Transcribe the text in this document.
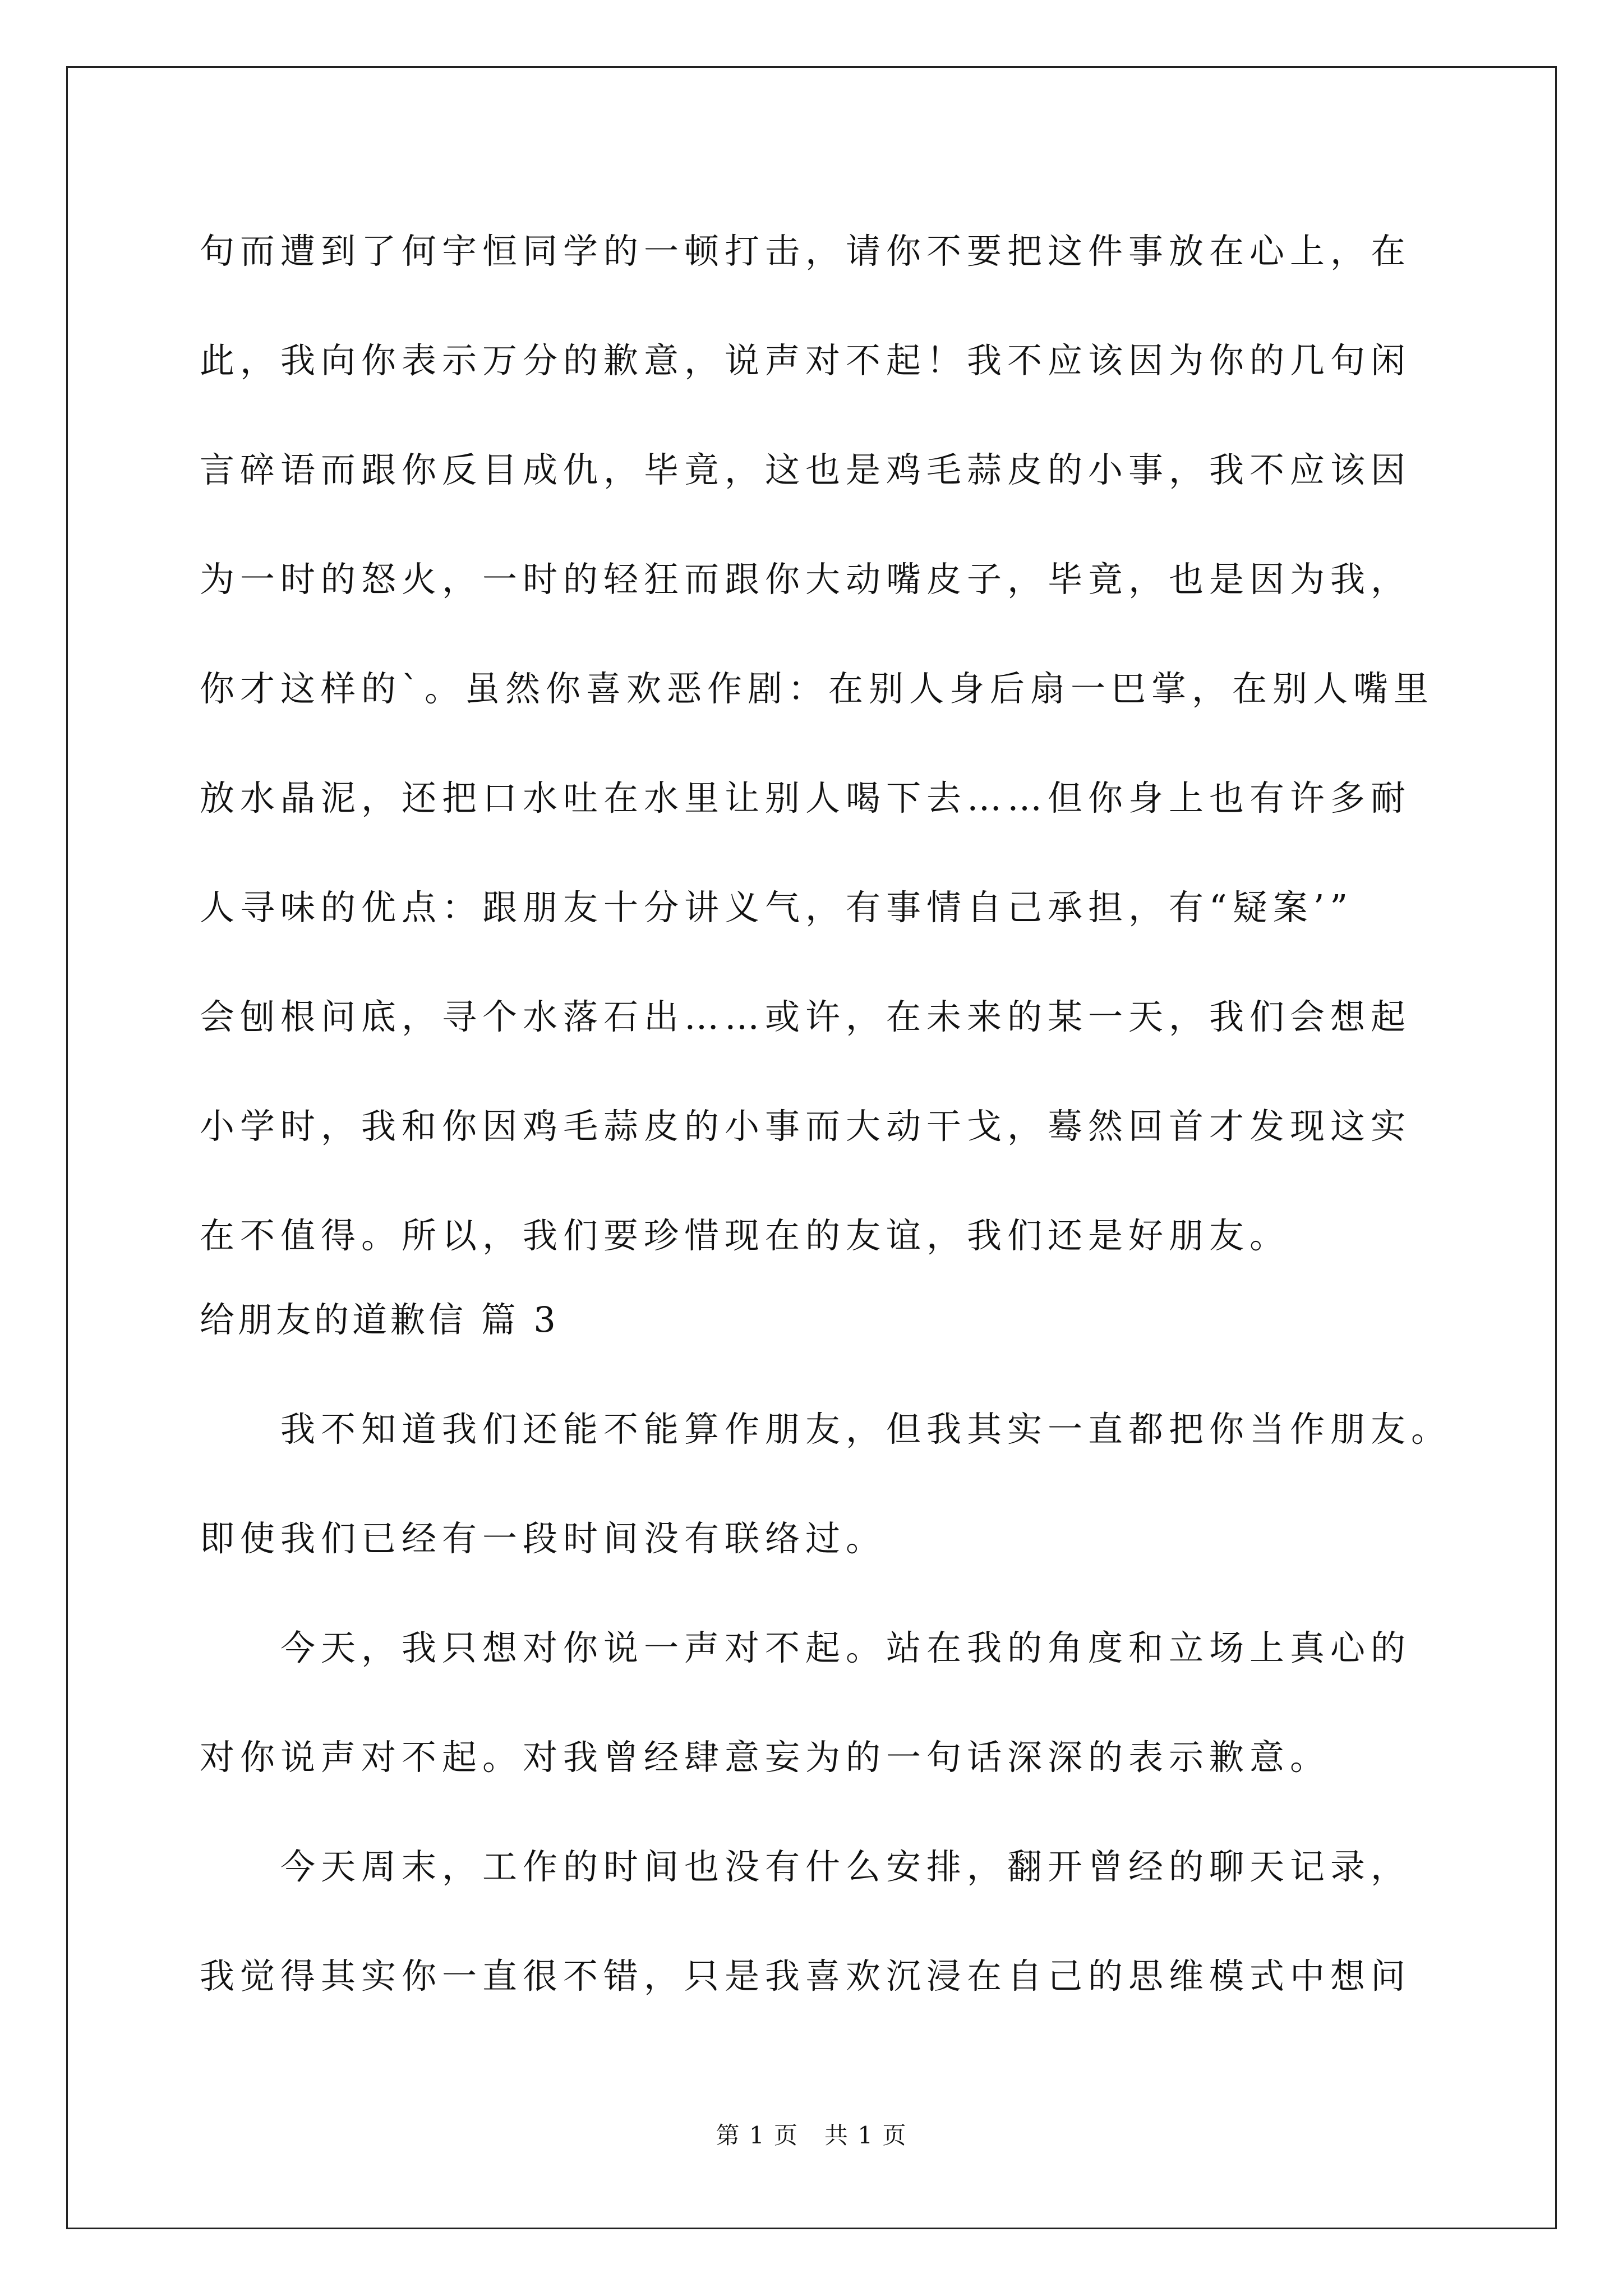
句而遭到了何宇恒同学的一顿打击，请你不要把这件事放在心上，在
此，我向你表示万分的歉意，说声对不起！我不应该因为你的几句闲
言碎语而跟你反目成仇，毕竟，这也是鸡毛蒜皮的小事，我不应该因
为一时的怒火，一时的轻狂而跟你大动嘴皮子，毕竟，也是因为我，
你才这样的`。虽然你喜欢恶作剧：在别人身后扇一巴掌，在别人嘴里
放水晶泥，还把口水吐在水里让别人喝下去……但你身上也有许多耐
人寻味的优点：跟朋友十分讲义气，有事情自己承担，有“疑案’”
会刨根问底，寻个水落石出……或许，在未来的某一天，我们会想起
小学时，我和你因鸡毛蒜皮的小事而大动干戈，蓦然回首才发现这实
在不值得。所以，我们要珍惜现在的友谊，我们还是好朋友。
给朋友的道歉信 篇 3
我不知道我们还能不能算作朋友，但我其实一直都把你当作朋友。
即使我们已经有一段时间没有联络过。
今天，我只想对你说一声对不起。站在我的角度和立场上真心的
对你说声对不起。对我曾经肆意妄为的一句话深深的表示歉意。
今天周末，工作的时间也没有什么安排，翻开曾经的聊天记录，
我觉得其实你一直很不错，只是我喜欢沉浸在自己的思维模式中想问
第 1 页   共 1 页
